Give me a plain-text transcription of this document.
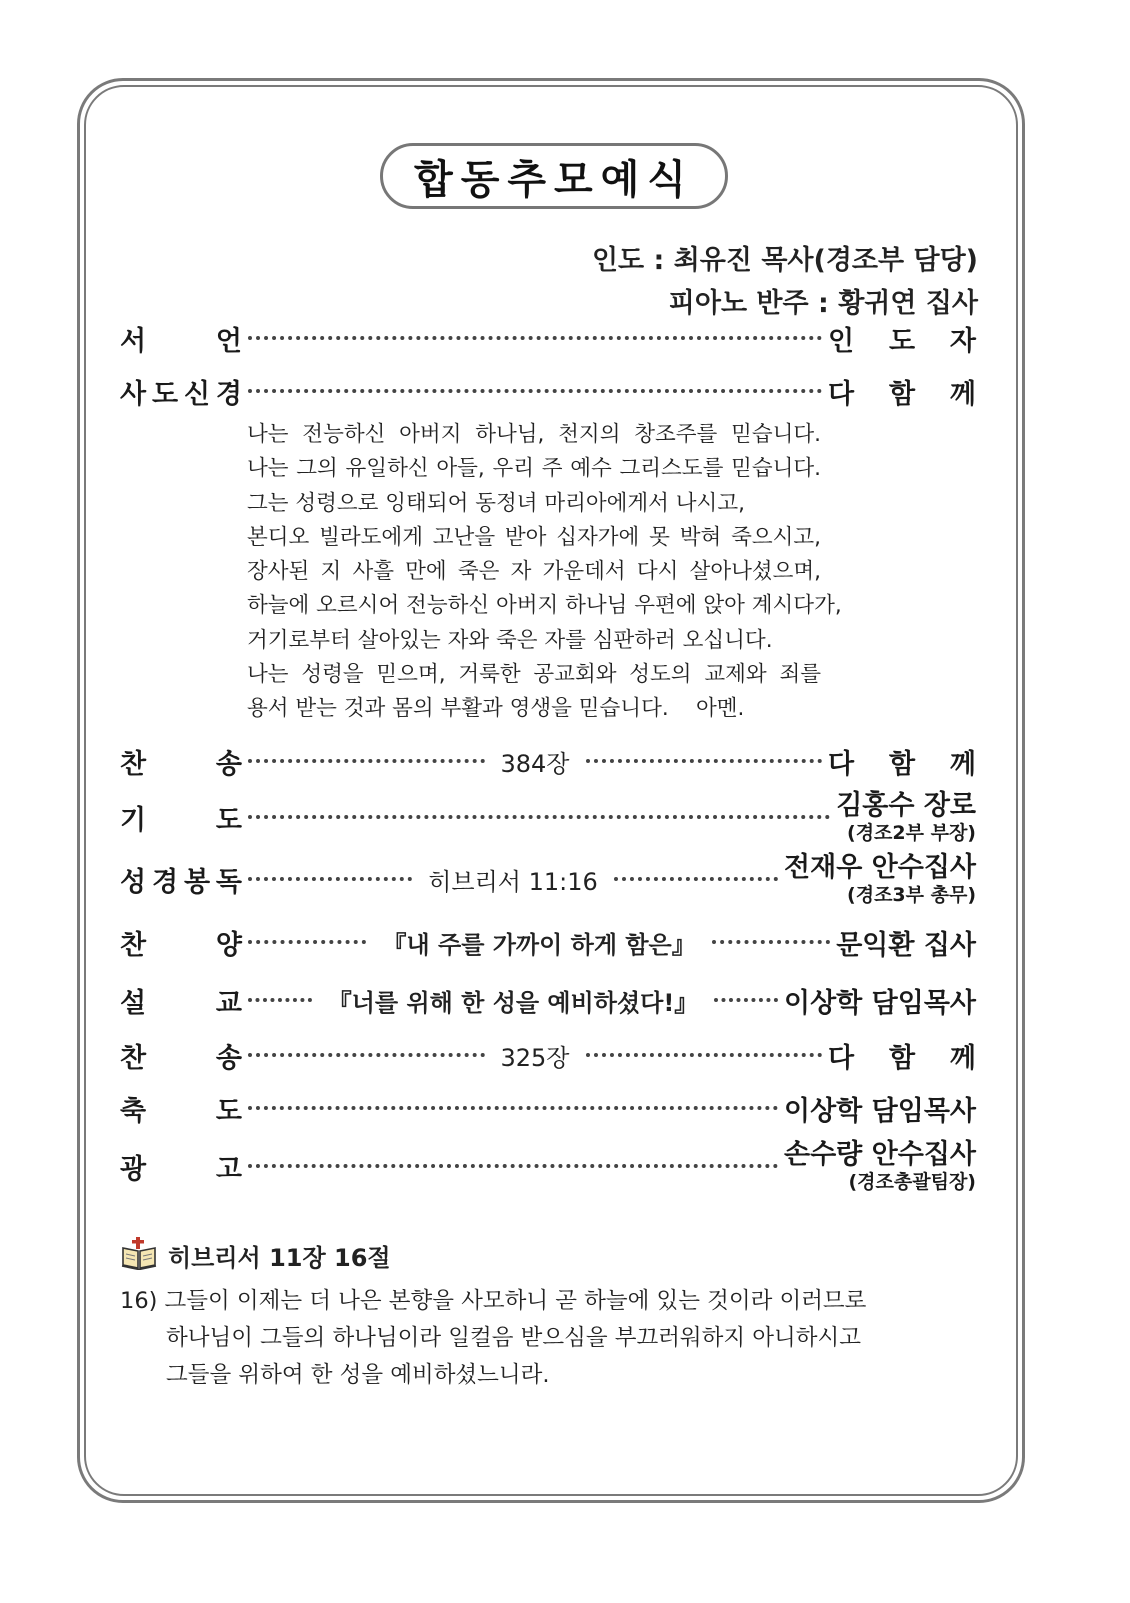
합동추모예식
인도 : 최유진 목사(경조부 담당)
피아노 반주 : 황귀연 집사
서	언	인 도 자
사 도 신 경	다 함 께
나는 전능하신 아버지 하나님, 천지의 창조주를 믿습니다.
나는 그의 유일하신 아들, 우리 주 예수 그리스도를 믿습니다.
그는 성령으로 잉태되어 동정녀 마리아에게서 나시고,
본디오 빌라도에게 고난을 받아 십자가에 못 박혀 죽으시고,
장사된 지 사흘 만에 죽은 자 가운데서 다시 살아나셨으며,
하늘에 오르시어 전능하신 아버지 하나님 우편에 앉아 계시다가,
거기로부터 살아있는 자와 죽은 자를 심판하러 오십니다.
나는 성령을 믿으며, 거룩한 공교회와 성도의 교제와 죄를
용서 받는 것과 몸의 부활과 영생을 믿습니다.    아멘.
찬	송	384장	다 함 께
기	도	김홍수 장로
(경조2부 부장)
성 경 봉 독	히브리서 11:16	전재우 안수집사
(경조3부 총무)
찬	양	『내 주를 가까이 하게 함은』	문익환 집사
설	교	『너를 위해 한 성을 예비하셨다!』	이상학 담임목사
찬	송	325장	다 함 께
축	도	이상학 담임목사
광	고	손수량 안수집사
(경조총괄팀장)
히브리서 11장 16절
16) 그들이 이제는 더 나은 본향을 사모하니 곧 하늘에 있는 것이라 이러므로
하나님이 그들의 하나님이라 일컬음 받으심을 부끄러워하지 아니하시고
그들을 위하여 한 성을 예비하셨느니라.
